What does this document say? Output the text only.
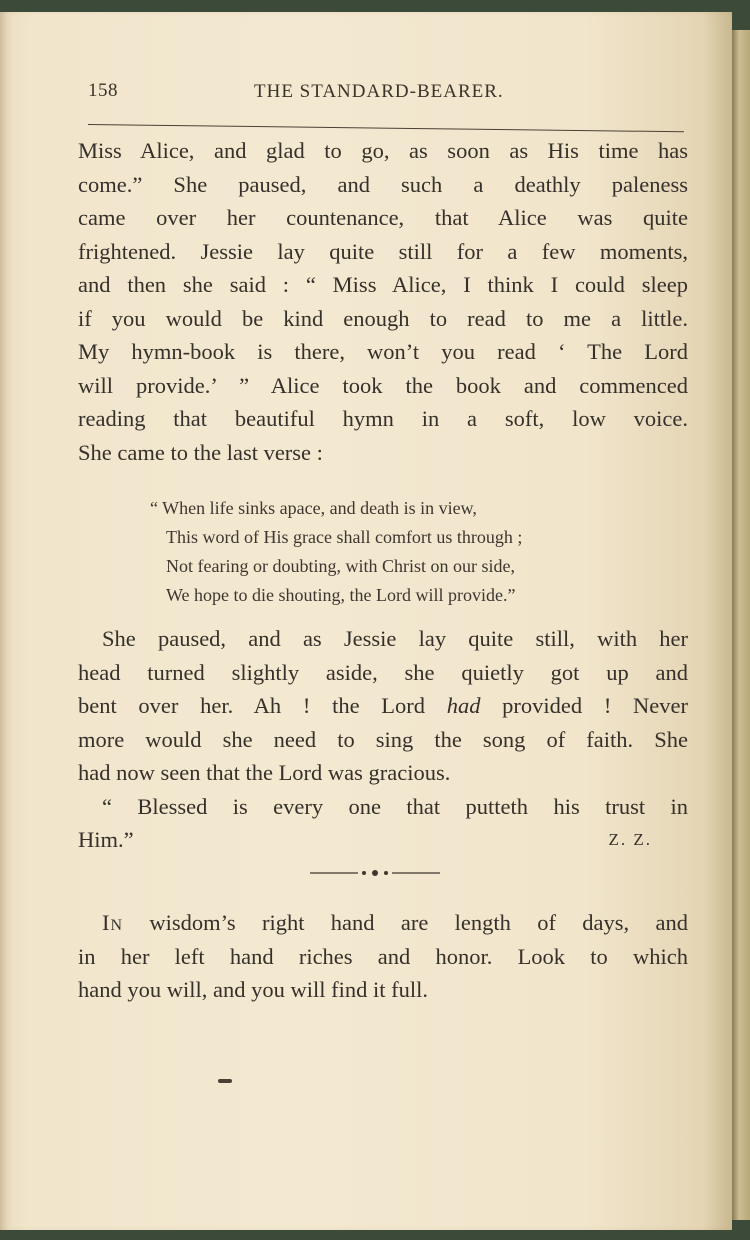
158	THE STANDARD-BEARER.
Miss Alice, and glad to go, as soon as His time has
come.” She paused, and such a deathly paleness
came over her countenance, that Alice was quite
frightened. Jessie lay quite still for a few moments,
and then she said : “ Miss Alice, I think I could sleep
if you would be kind enough to read to me a little.
My hymn-book is there, won’t you read ‘ The Lord
will provide.’ ” Alice took the book and commenced
reading that beautiful hymn in a soft, low voice.
She came to the last verse :
“ When life sinks apace, and death is in view,
This word of His grace shall comfort us through ;
Not fearing or doubting, with Christ on our side,
We hope to die shouting, the Lord will provide.”
She paused, and as Jessie lay quite still, with her
head turned slightly aside, she quietly got up and
bent over her. Ah ! the Lord had provided ! Never
more would she need to sing the song of faith. She
had now seen that the Lord was gracious.
“ Blessed is every one that putteth his trust in
Him.”	Z. Z.
In wisdom’s right hand are length of days, and
in her left hand riches and honor. Look to which
hand you will, and you will find it full.
